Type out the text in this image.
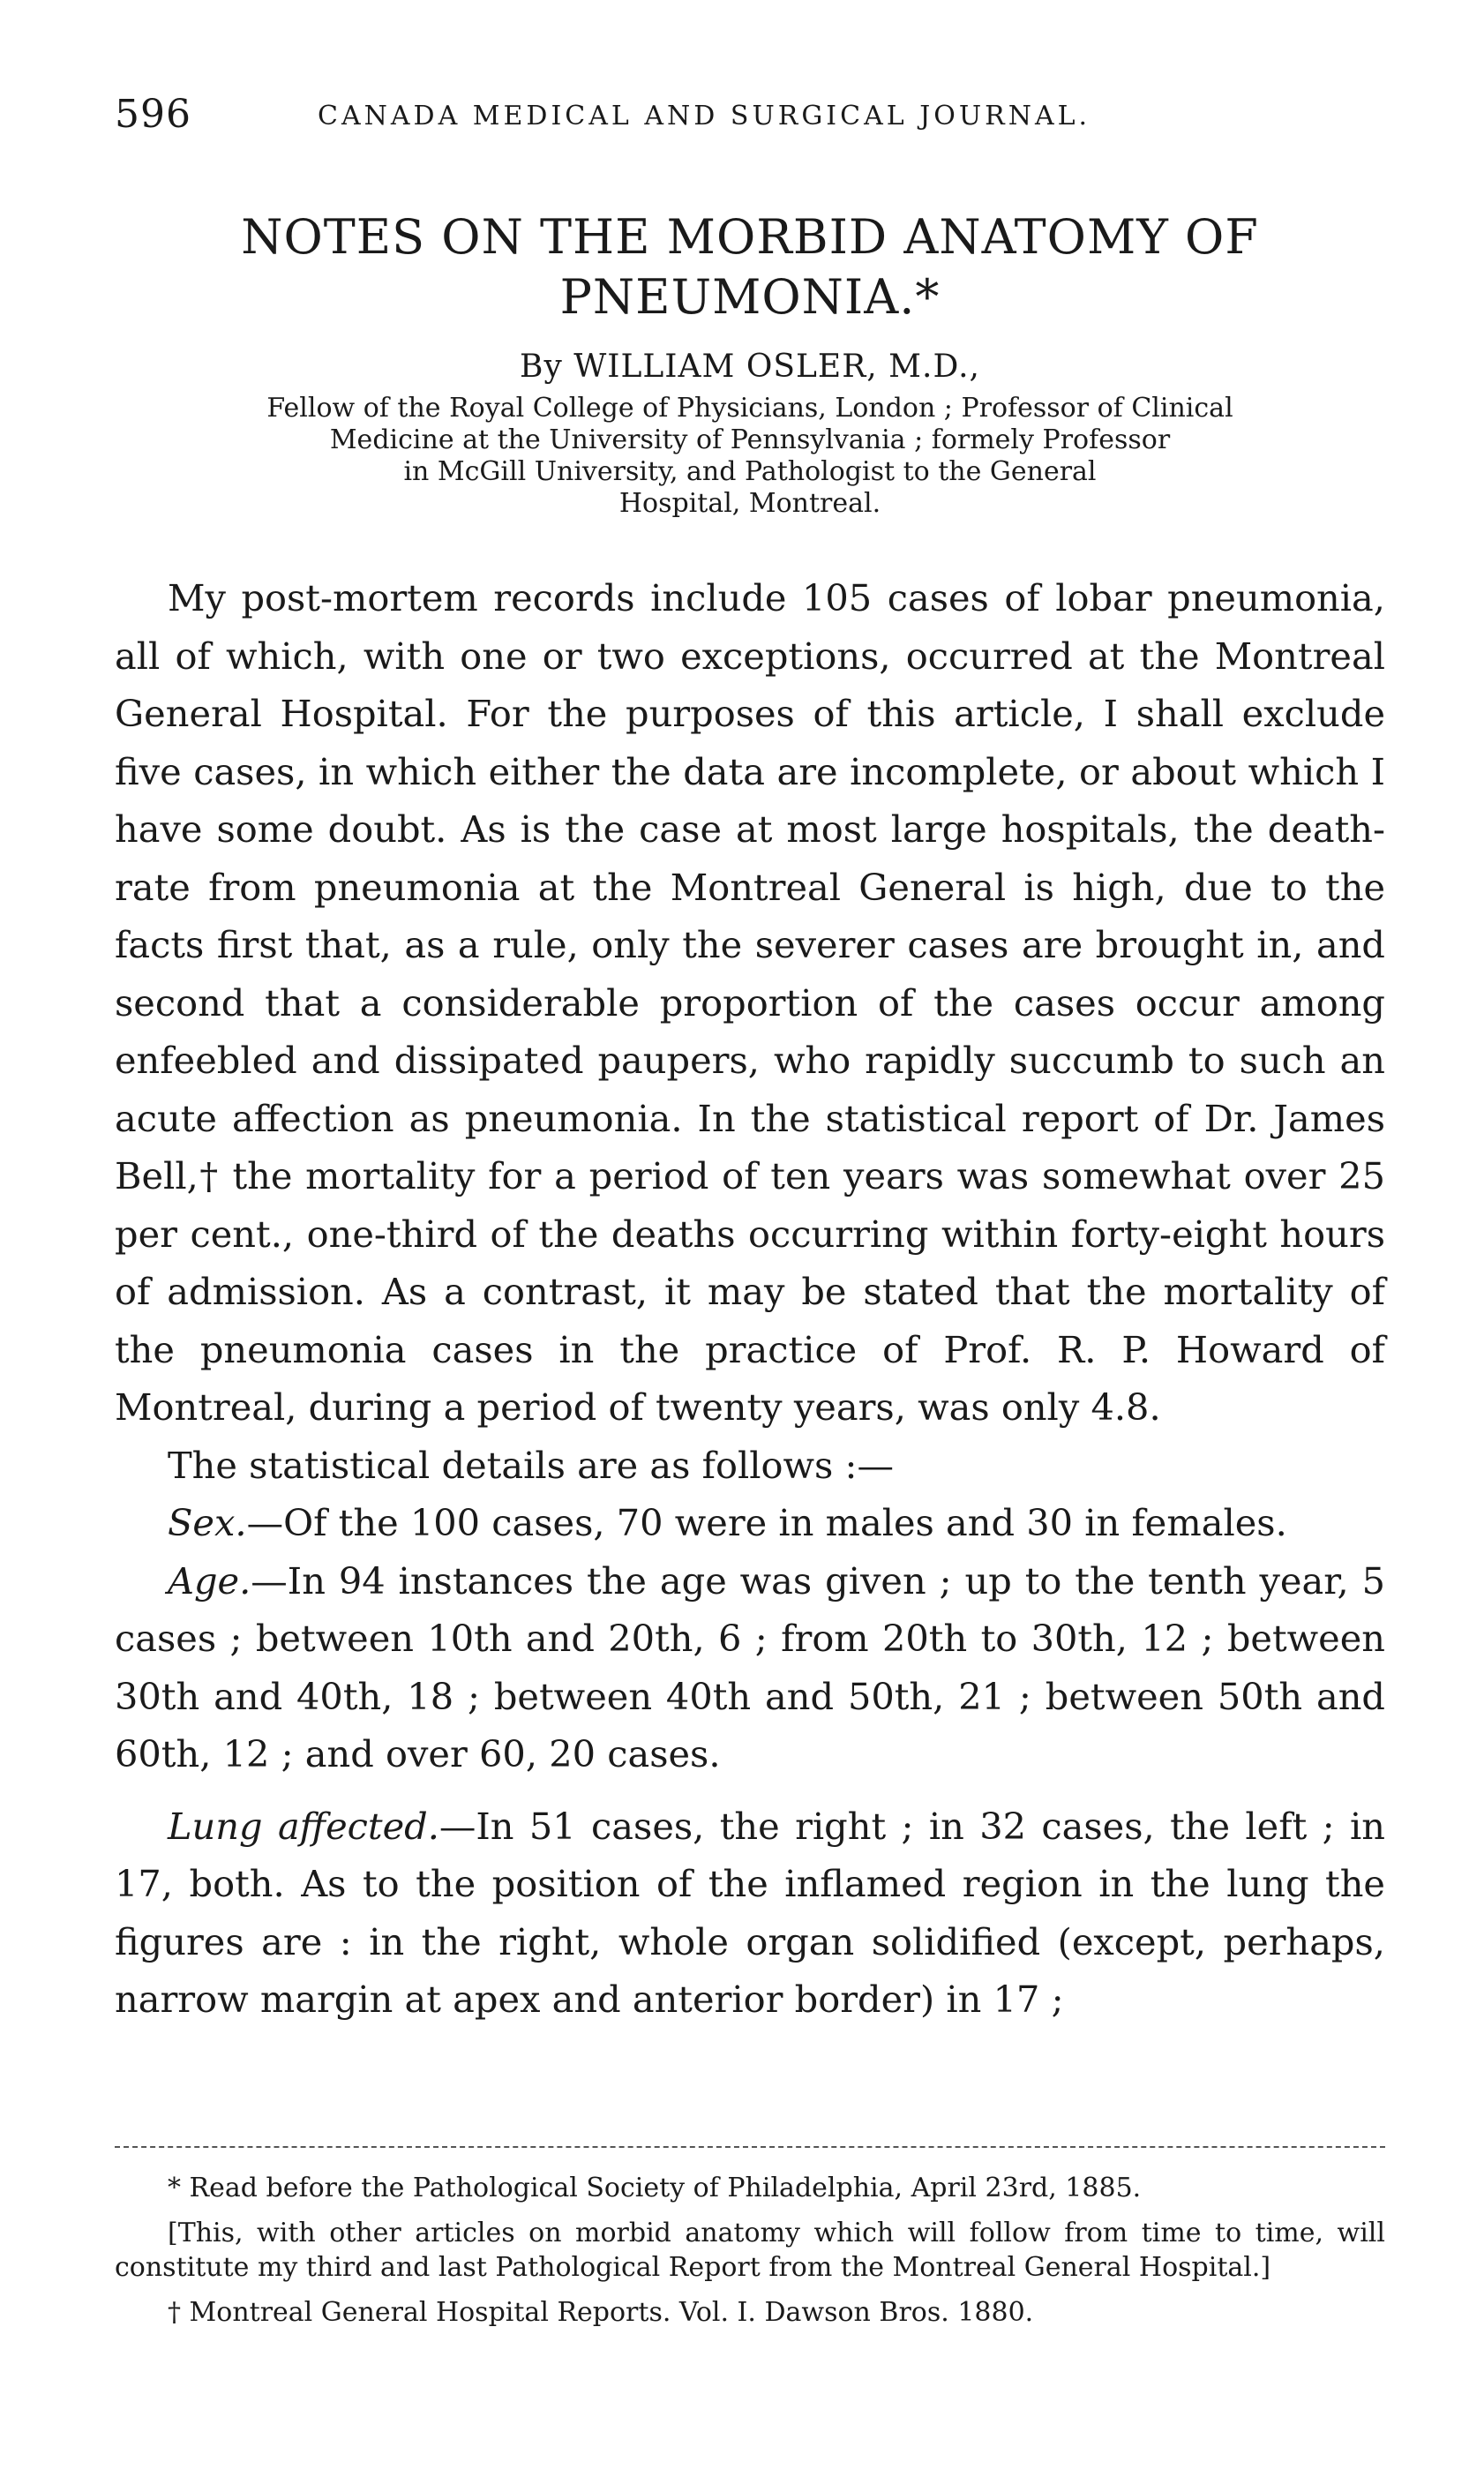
596	CANADA MEDICAL AND SURGICAL JOURNAL.
NOTES ON THE MORBID ANATOMY OF
PNEUMONIA.*
By WILLIAM OSLER, M.D.,
Fellow of the Royal College of Physicians, London ; Professor of Clinical
Medicine at the University of Pennsylvania ; formely Professor
in McGill University, and Pathologist to the General
Hospital, Montreal.

My post-mortem records include 105 cases of lobar pneumonia, all of which, with one or two exceptions, occurred at the Montreal General Hospital. For the purposes of this article, I shall exclude five cases, in which either the data are incomplete, or about which I have some doubt. As is the case at most large hospitals, the death-rate from pneumonia at the Montreal General is high, due to the facts first that, as a rule, only the severer cases are brought in, and second that a considerable proportion of the cases occur among enfeebled and dissipated paupers, who rapidly succumb to such an acute affection as pneumonia. In the statistical report of Dr. James Bell,† the mortality for a period of ten years was somewhat over 25 per cent., one-third of the deaths occurring within forty-eight hours of admission. As a contrast, it may be stated that the mortality of the pneumonia cases in the practice of Prof. R. P. Howard of Montreal, during a period of twenty years, was only 4.8.

The statistical details are as follows :—

Sex.—Of the 100 cases, 70 were in males and 30 in females.

Age.—In 94 instances the age was given ; up to the tenth year, 5 cases ; between 10th and 20th, 6 ; from 20th to 30th, 12 ; between 30th and 40th, 18 ; between 40th and 50th, 21 ; between 50th and 60th, 12 ; and over 60, 20 cases.

Lung affected.—In 51 cases, the right ; in 32 cases, the left ; in 17, both. As to the position of the inflamed region in the lung the figures are : in the right, whole organ solidified (except, perhaps, narrow margin at apex and anterior border) in 17 ;

* Read before the Pathological Society of Philadelphia, April 23rd, 1885.

[This, with other articles on morbid anatomy which will follow from time to time, will constitute my third and last Pathological Report from the Montreal General Hospital.]

† Montreal General Hospital Reports. Vol. I. Dawson Bros. 1880.
